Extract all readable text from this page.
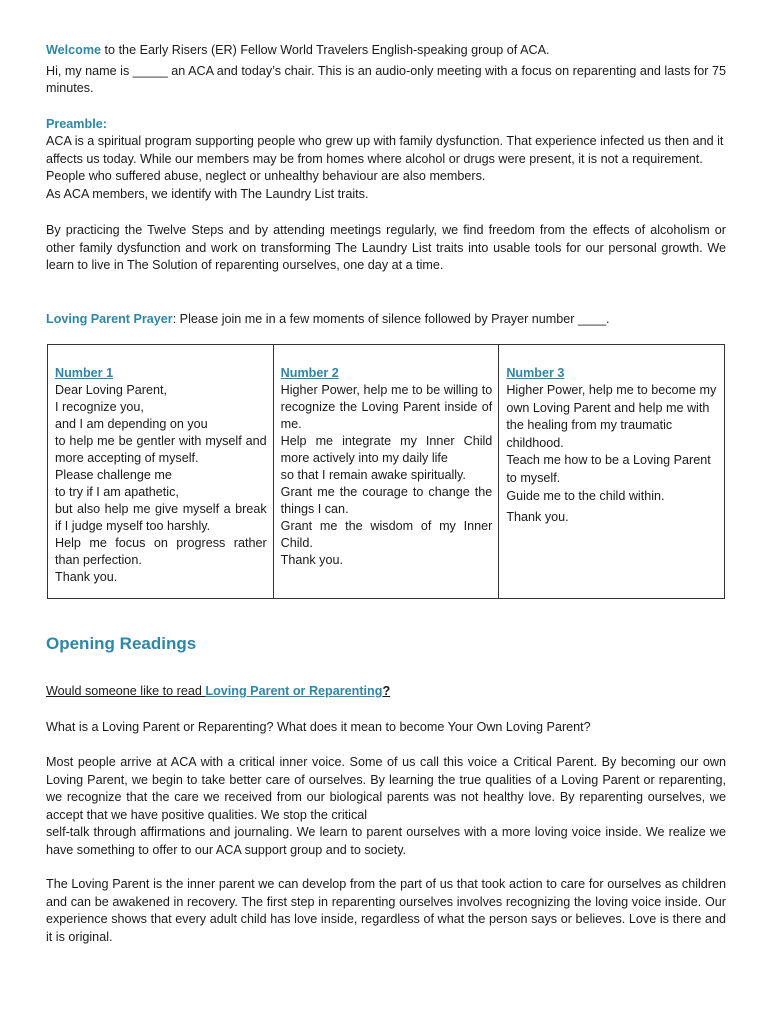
Welcome to the Early Risers (ER) Fellow World Travelers English-speaking group of ACA.

Hi, my name is _____ an ACA and today’s chair. This is an audio-only meeting with a focus on reparenting and lasts for 75 minutes.

Preamble:

ACA is a spiritual program supporting people who grew up with family dysfunction. That experience infected us then and it affects us today. While our members may be from homes where alcohol or drugs were present, it is not a requirement. People who suffered abuse, neglect or unhealthy behaviour are also members.

As ACA members, we identify with The Laundry List traits.

By practicing the Twelve Steps and by attending meetings regularly, we find freedom from the effects of alcoholism or other family dysfunction and work on transforming The Laundry List traits into usable tools for our personal growth. We learn to live in The Solution of reparenting ourselves, one day at a time.

Loving Parent Prayer: Please join me in a few moments of silence followed by Prayer number ____.

Number 1
Dear Loving Parent,
I recognize you,
and I am depending on you
to help me be gentler with myself and more accepting of myself.
Please challenge me
to try if I am apathetic,
but also help me give myself a break if I judge myself too harshly.
Help me focus on progress rather than perfection.
Thank you.

Number 2
Higher Power, help me to be willing to recognize the Loving Parent inside of me.
Help me integrate my Inner Child more actively into my daily life
so that I remain awake spiritually.
Grant me the courage to change the things I can.
Grant me the wisdom of my Inner Child.
Thank you.

Number 3
Higher Power, help me to become my own Loving Parent and help me with the healing from my traumatic childhood.
Teach me how to be a Loving Parent to myself.
Guide me to the child within.
Thank you.
Opening Readings

Would someone like to read Loving Parent or Reparenting?

What is a Loving Parent or Reparenting? What does it mean to become Your Own Loving Parent?

Most people arrive at ACA with a critical inner voice. Some of us call this voice a Critical Parent. By becoming our own Loving Parent, we begin to take better care of ourselves. By learning the true qualities of a Loving Parent or reparenting, we recognize that the care we received from our biological parents was not healthy love. By reparenting ourselves, we accept that we have positive qualities. We stop the critical

self-talk through affirmations and journaling. We learn to parent ourselves with a more loving voice inside. We realize we have something to offer to our ACA support group and to society.

The Loving Parent is the inner parent we can develop from the part of us that took action to care for ourselves as children and can be awakened in recovery. The first step in reparenting ourselves involves recognizing the loving voice inside. Our experience shows that every adult child has love inside, regardless of what the person says or believes. Love is there and it is original.
